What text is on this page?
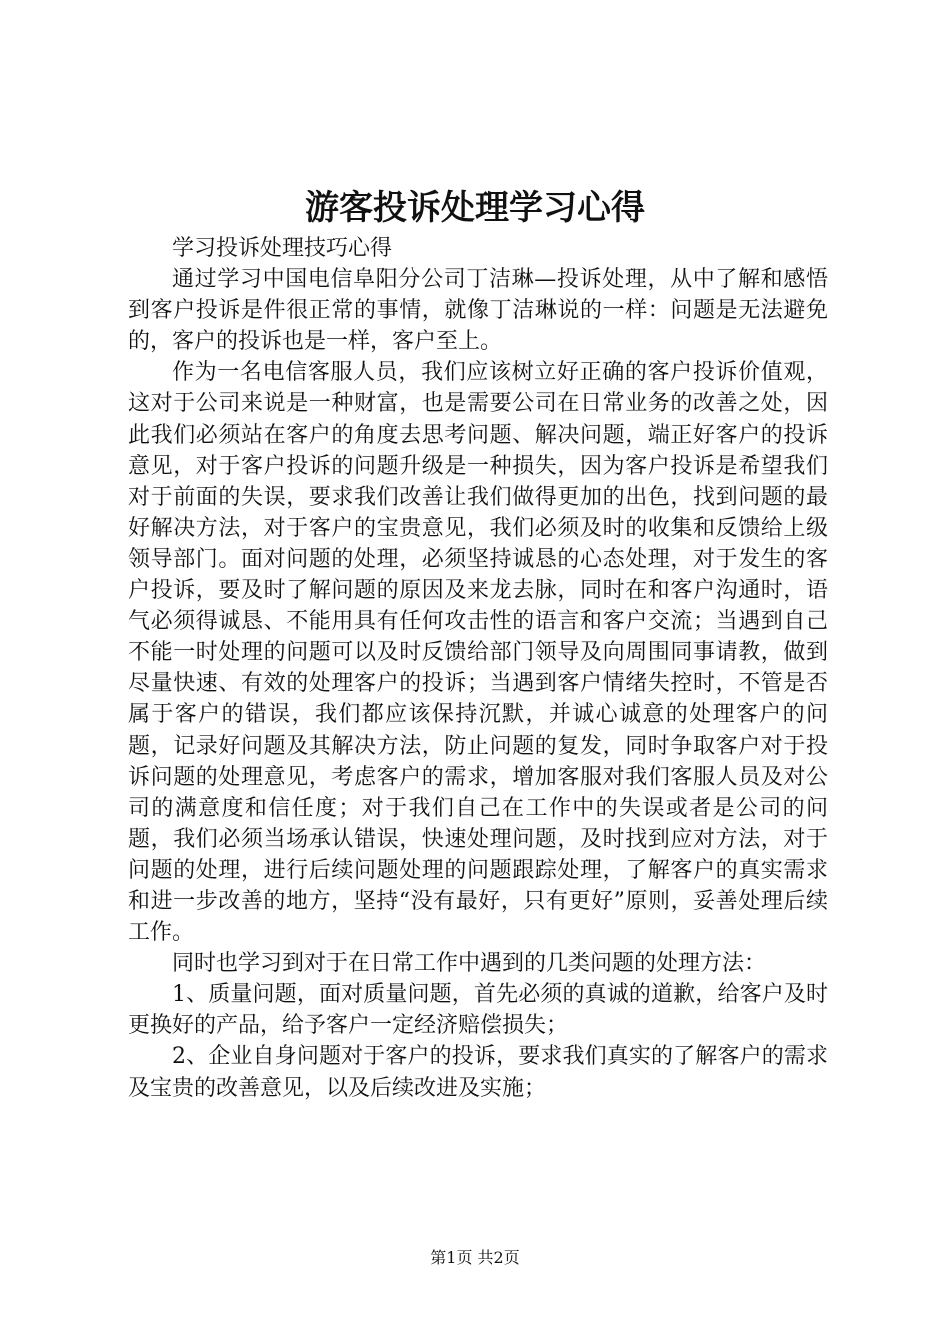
游客投诉处理学习心得

学习投诉处理技巧心得

通过学习中国电信阜阳分公司丁洁琳—投诉处理，从中了解和感悟到客户投诉是件很正常的事情，就像丁洁琳说的一样：问题是无法避免的，客户的投诉也是一样，客户至上。

作为一名电信客服人员，我们应该树立好正确的客户投诉价值观，这对于公司来说是一种财富，也是需要公司在日常业务的改善之处，因此我们必须站在客户的角度去思考问题、解决问题，端正好客户的投诉意见，对于客户投诉的问题升级是一种损失，因为客户投诉是希望我们对于前面的失误，要求我们改善让我们做得更加的出色，找到问题的最好解决方法，对于客户的宝贵意见，我们必须及时的收集和反馈给上级领导部门。面对问题的处理，必须坚持诚恳的心态处理，对于发生的客户投诉，要及时了解问题的原因及来龙去脉，同时在和客户沟通时，语气必须得诚恳、不能用具有任何攻击性的语言和客户交流；当遇到自己不能一时处理的问题可以及时反馈给部门领导及向周围同事请教，做到尽量快速、有效的处理客户的投诉；当遇到客户情绪失控时，不管是否属于客户的错误，我们都应该保持沉默，并诚心诚意的处理客户的问题，记录好问题及其解决方法，防止问题的复发，同时争取客户对于投诉问题的处理意见，考虑客户的需求，增加客服对我们客服人员及对公司的满意度和信任度；对于我们自己在工作中的失误或者是公司的问题，我们必须当场承认错误，快速处理问题，及时找到应对方法，对于问题的处理，进行后续问题处理的问题跟踪处理，了解客户的真实需求和进一步改善的地方，坚持“没有最好，只有更好”原则，妥善处理后续工作。

同时也学习到对于在日常工作中遇到的几类问题的处理方法：

1、质量问题，面对质量问题，首先必须的真诚的道歉，给客户及时更换好的产品，给予客户一定经济赔偿损失；

2、企业自身问题对于客户的投诉，要求我们真实的了解客户的需求及宝贵的改善意见，以及后续改进及实施；

第1页 共2页
